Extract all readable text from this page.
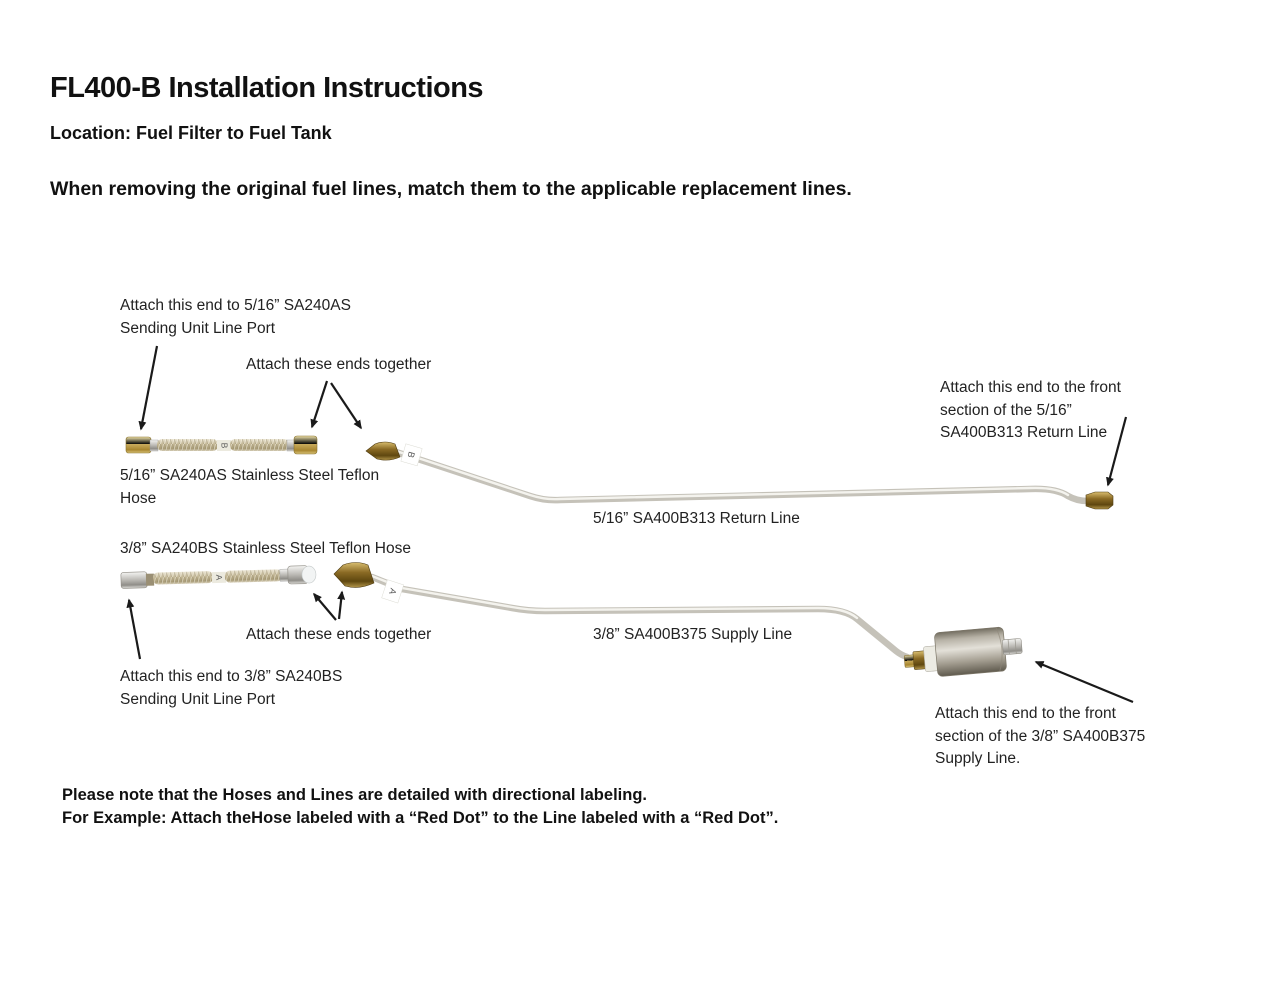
FL400-B Installation Instructions
Location: Fuel Filter to Fuel Tank
When removing the original fuel lines, match them to the applicable replacement lines.
Attach this end to 5/16” SA240AS
Sending Unit Line Port
Attach these ends together
Attach this end to the front
section of the 5/16”
SA400B313 Return Line
Attach these ends together
Attach this end to 3/8” SA240BS
Sending Unit Line Port
Attach this end to the front
section of the 3/8” SA400B375
Supply Line.
5/16” SA240AS Stainless Steel Teflon
Hose
5/16” SA400B313 Return Line
3/8” SA240BS Stainless Steel Teflon Hose
3/8” SA400B375 Supply Line
Please note that the Hoses and Lines are detailed with directional labeling.
For Example: Attach theHose labeled with a “Red Dot” to the Line labeled with a “Red Dot”.
B
B
A
A
